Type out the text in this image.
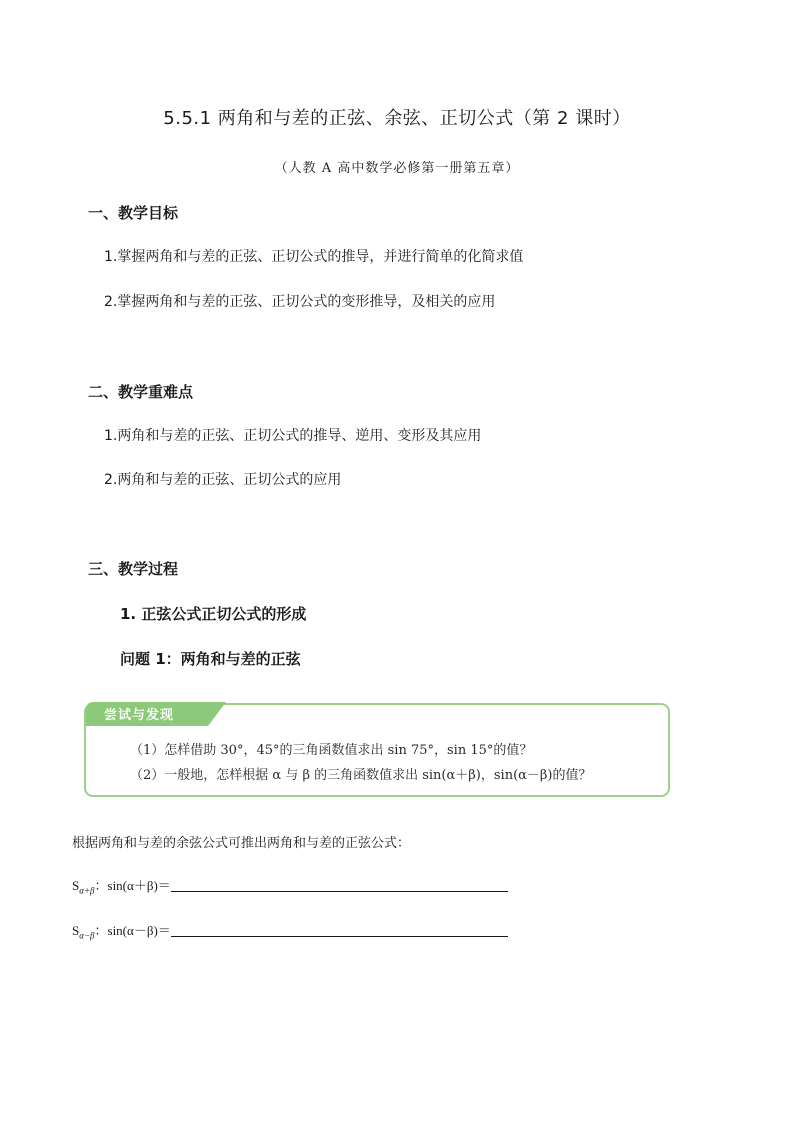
5.5.1 两角和与差的正弦、余弦、正切公式（第 2 课时）
（人教 A 高中数学必修第一册第五章）
一、教学目标
1.掌握两角和与差的正弦、正切公式的推导，并进行简单的化简求值
2.掌握两角和与差的正弦、正切公式的变形推导，及相关的应用
二、教学重难点
1.两角和与差的正弦、正切公式的推导、逆用、变形及其应用
2.两角和与差的正弦、正切公式的应用
三、教学过程
1. 正弦公式正切公式的形成
问题 1：两角和与差的正弦
尝试与发现
（1）怎样借助 30°，45°的三角函数值求出 sin 75°，sin 15°的值？
（2）一般地，怎样根据 α 与 β 的三角函数值求出 sin(α＋β)，sin(α－β)的值？
根据两角和与差的余弦公式可推出两角和与差的正弦公式：
$S_{\alpha+\beta}$：sin(α＋β)＝
$S_{\alpha-\beta}$：sin(α－β)＝
